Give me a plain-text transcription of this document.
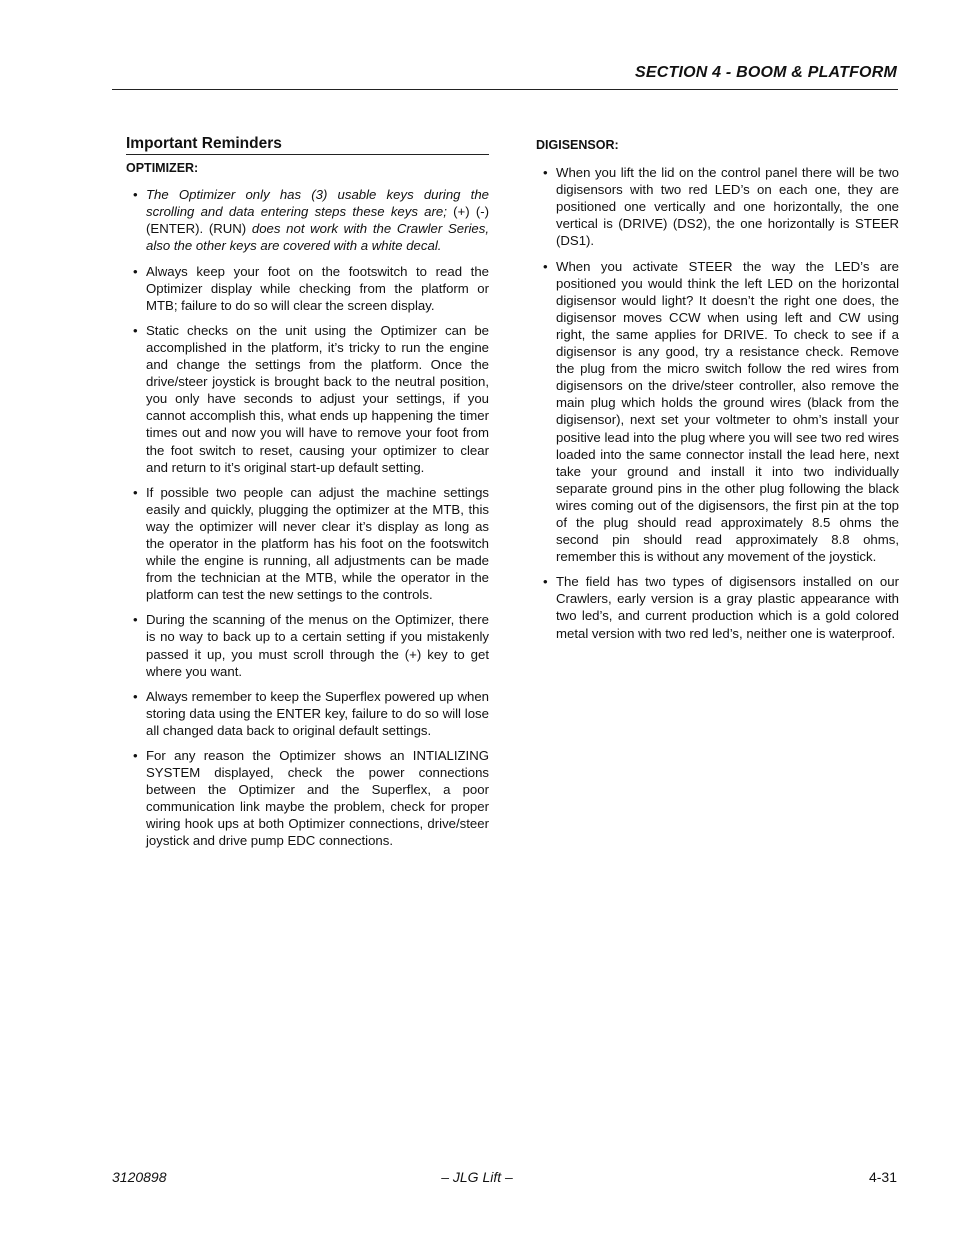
SECTION 4 - BOOM & PLATFORM
Important Reminders
OPTIMIZER:
• The Optimizer only has (3) usable keys during the scrolling and data entering steps these keys are; (+) (-) (ENTER). (RUN) does not work with the Crawler Series, also the other keys are covered with a white decal.
• Always keep your foot on the footswitch to read the Optimizer display while checking from the platform or MTB; failure to do so will clear the screen display.
• Static checks on the unit using the Optimizer can be accomplished in the platform, it’s tricky to run the engine and change the settings from the platform. Once the drive/steer joystick is brought back to the neutral position, you only have seconds to adjust your settings, if you cannot accomplish this, what ends up happening the timer times out and now you will have to remove your foot from the foot switch to reset, causing your optimizer to clear and return to it’s original start-up default setting.
• If possible two people can adjust the machine settings easily and quickly, plugging the optimizer at the MTB, this way the optimizer will never clear it’s display as long as the operator in the platform has his foot on the footswitch while the engine is running, all adjustments can be made from the technician at the MTB, while the operator in the platform can test the new settings to the controls.
• During the scanning of the menus on the Optimizer, there is no way to back up to a certain setting if you mistakenly passed it up, you must scroll through the (+) key to get where you want.
• Always remember to keep the Superflex powered up when storing data using the ENTER key, failure to do so will lose all changed data back to original default settings.
• For any reason the Optimizer shows an INTIALIZING SYSTEM displayed, check the power connections between the Optimizer and the Superflex, a poor communication link maybe the problem, check for proper wiring hook ups at both Optimizer connections, drive/steer joystick and drive pump EDC connections.
DIGISENSOR:
• When you lift the lid on the control panel there will be two digisensors with two red LED’s on each one, they are positioned one vertically and one horizontally, the one vertical is (DRIVE) (DS2), the one horizontally is STEER (DS1).
• When you activate STEER the way the LED’s are positioned you would think the left LED on the horizontal digisensor would light? It doesn’t the right one does, the digisensor moves CCW when using left and CW using right, the same applies for DRIVE. To check to see if a digisensor is any good, try a resistance check. Remove the plug from the micro switch follow the red wires from digisensors on the drive/steer controller, also remove the main plug which holds the ground wires (black from the digisensor), next set your voltmeter to ohm’s install your positive lead into the plug where you will see two red wires loaded into the same connector install the lead here, next take your ground and install it into two individually separate ground pins in the other plug following the black wires coming out of the digisensors, the first pin at the top of the plug should read approximately 8.5 ohms the second pin should read approximately 8.8 ohms, remember this is without any movement of the joystick.
• The field has two types of digisensors installed on our Crawlers, early version is a gray plastic appearance with two led’s, and current production which is a gold colored metal version with two red led’s, neither one is waterproof.
3120898	– JLG Lift –	4-31
